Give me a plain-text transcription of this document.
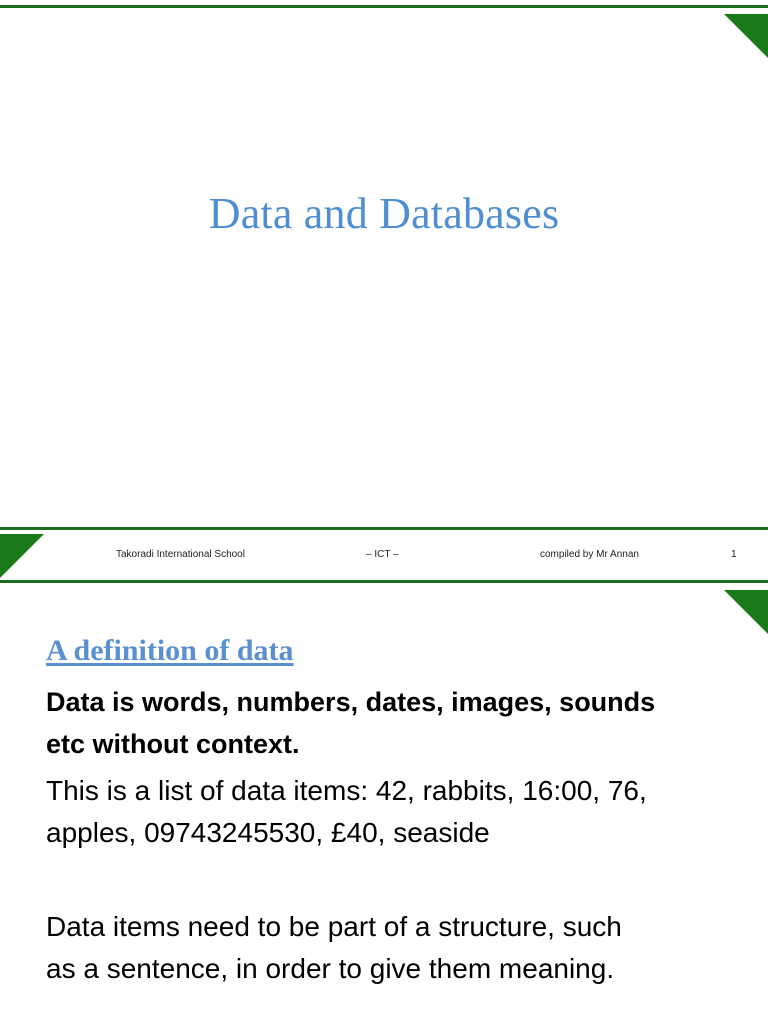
Data and Databases
Takoradi International School	– ICT –	compiled by Mr Annan	1
A definition of data
Data is words, numbers, dates, images, sounds
etc without context.
This is a list of data items: 42, rabbits, 16:00, 76,
apples, 09743245530, £40, seaside
Data items need to be part of a structure, such
as a sentence, in order to give them meaning.
